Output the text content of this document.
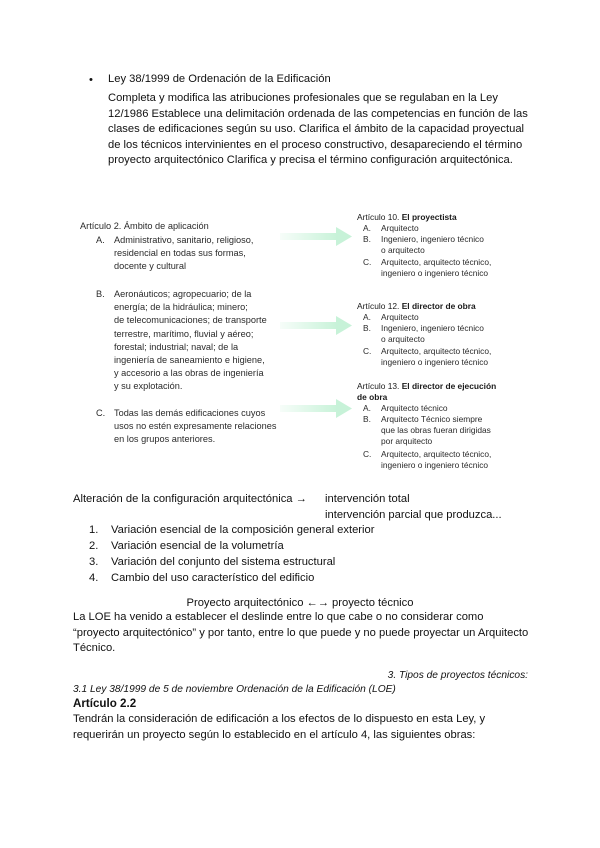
• Ley 38/1999 de Ordenación de la Edificación
Completa y modifica las atribuciones profesionales que se regulaban en la Ley
12/1986 Establece una delimitación ordenada de las competencias en función de las
clases de edificaciones según su uso. Clarifica el ámbito de la capacidad proyectual
de los técnicos intervinientes en el proceso constructivo, desapareciendo el término
proyecto arquitectónico Clarifica y precisa el término configuración arquitectónica.
Artículo 2. Ámbito de aplicación
A. Administrativo, sanitario, religioso,
residencial en todas sus formas,
docente y cultural
B. Aeronáuticos; agropecuario; de la
energía; de la hidráulica; minero;
de telecomunicaciones; de transporte
terrestre, marítimo, fluvial y aéreo;
forestal; industrial; naval; de la
ingeniería de saneamiento e higiene,
y accesorio a las obras de ingeniería
y su explotación.
C. Todas las demás edificaciones cuyos
usos no estén expresamente relaciones
en los grupos anteriores.
Artículo 10. El proyectista
A. Arquitecto
B. Ingeniero, ingeniero técnico
o arquitecto
C. Arquitecto, arquitecto técnico,
ingeniero o ingeniero técnico
Artículo 12. El director de obra
A. Arquitecto
B. Ingeniero, ingeniero técnico
o arquitecto
C. Arquitecto, arquitecto técnico,
ingeniero o ingeniero técnico
Artículo 13. El director de ejecución
de obra
A. Arquitecto técnico
B. Arquitecto Técnico siempre
que las obras fueran dirigidas
por arquitecto
C. Arquitecto, arquitecto técnico,
ingeniero o ingeniero técnico
Alteración de la configuración arquitectónica → intervención total
intervención parcial que produzca...
1. Variación esencial de la composición general exterior
2. Variación esencial de la volumetría
3. Variación del conjunto del sistema estructural
4. Cambio del uso característico del edificio
Proyecto arquitectónico ←→ proyecto técnico
La LOE ha venido a establecer el deslinde entre lo que cabe o no considerar como
“proyecto arquitectónico” y por tanto, entre lo que puede y no puede proyectar un Arquitecto
Técnico.
3. Tipos de proyectos técnicos:
3.1 Ley 38/1999 de 5 de noviembre Ordenación de la Edificación (LOE)
Artículo 2.2
Tendrán la consideración de edificación a los efectos de lo dispuesto en esta Ley, y
requerirán un proyecto según lo establecido en el artículo 4, las siguientes obras:
